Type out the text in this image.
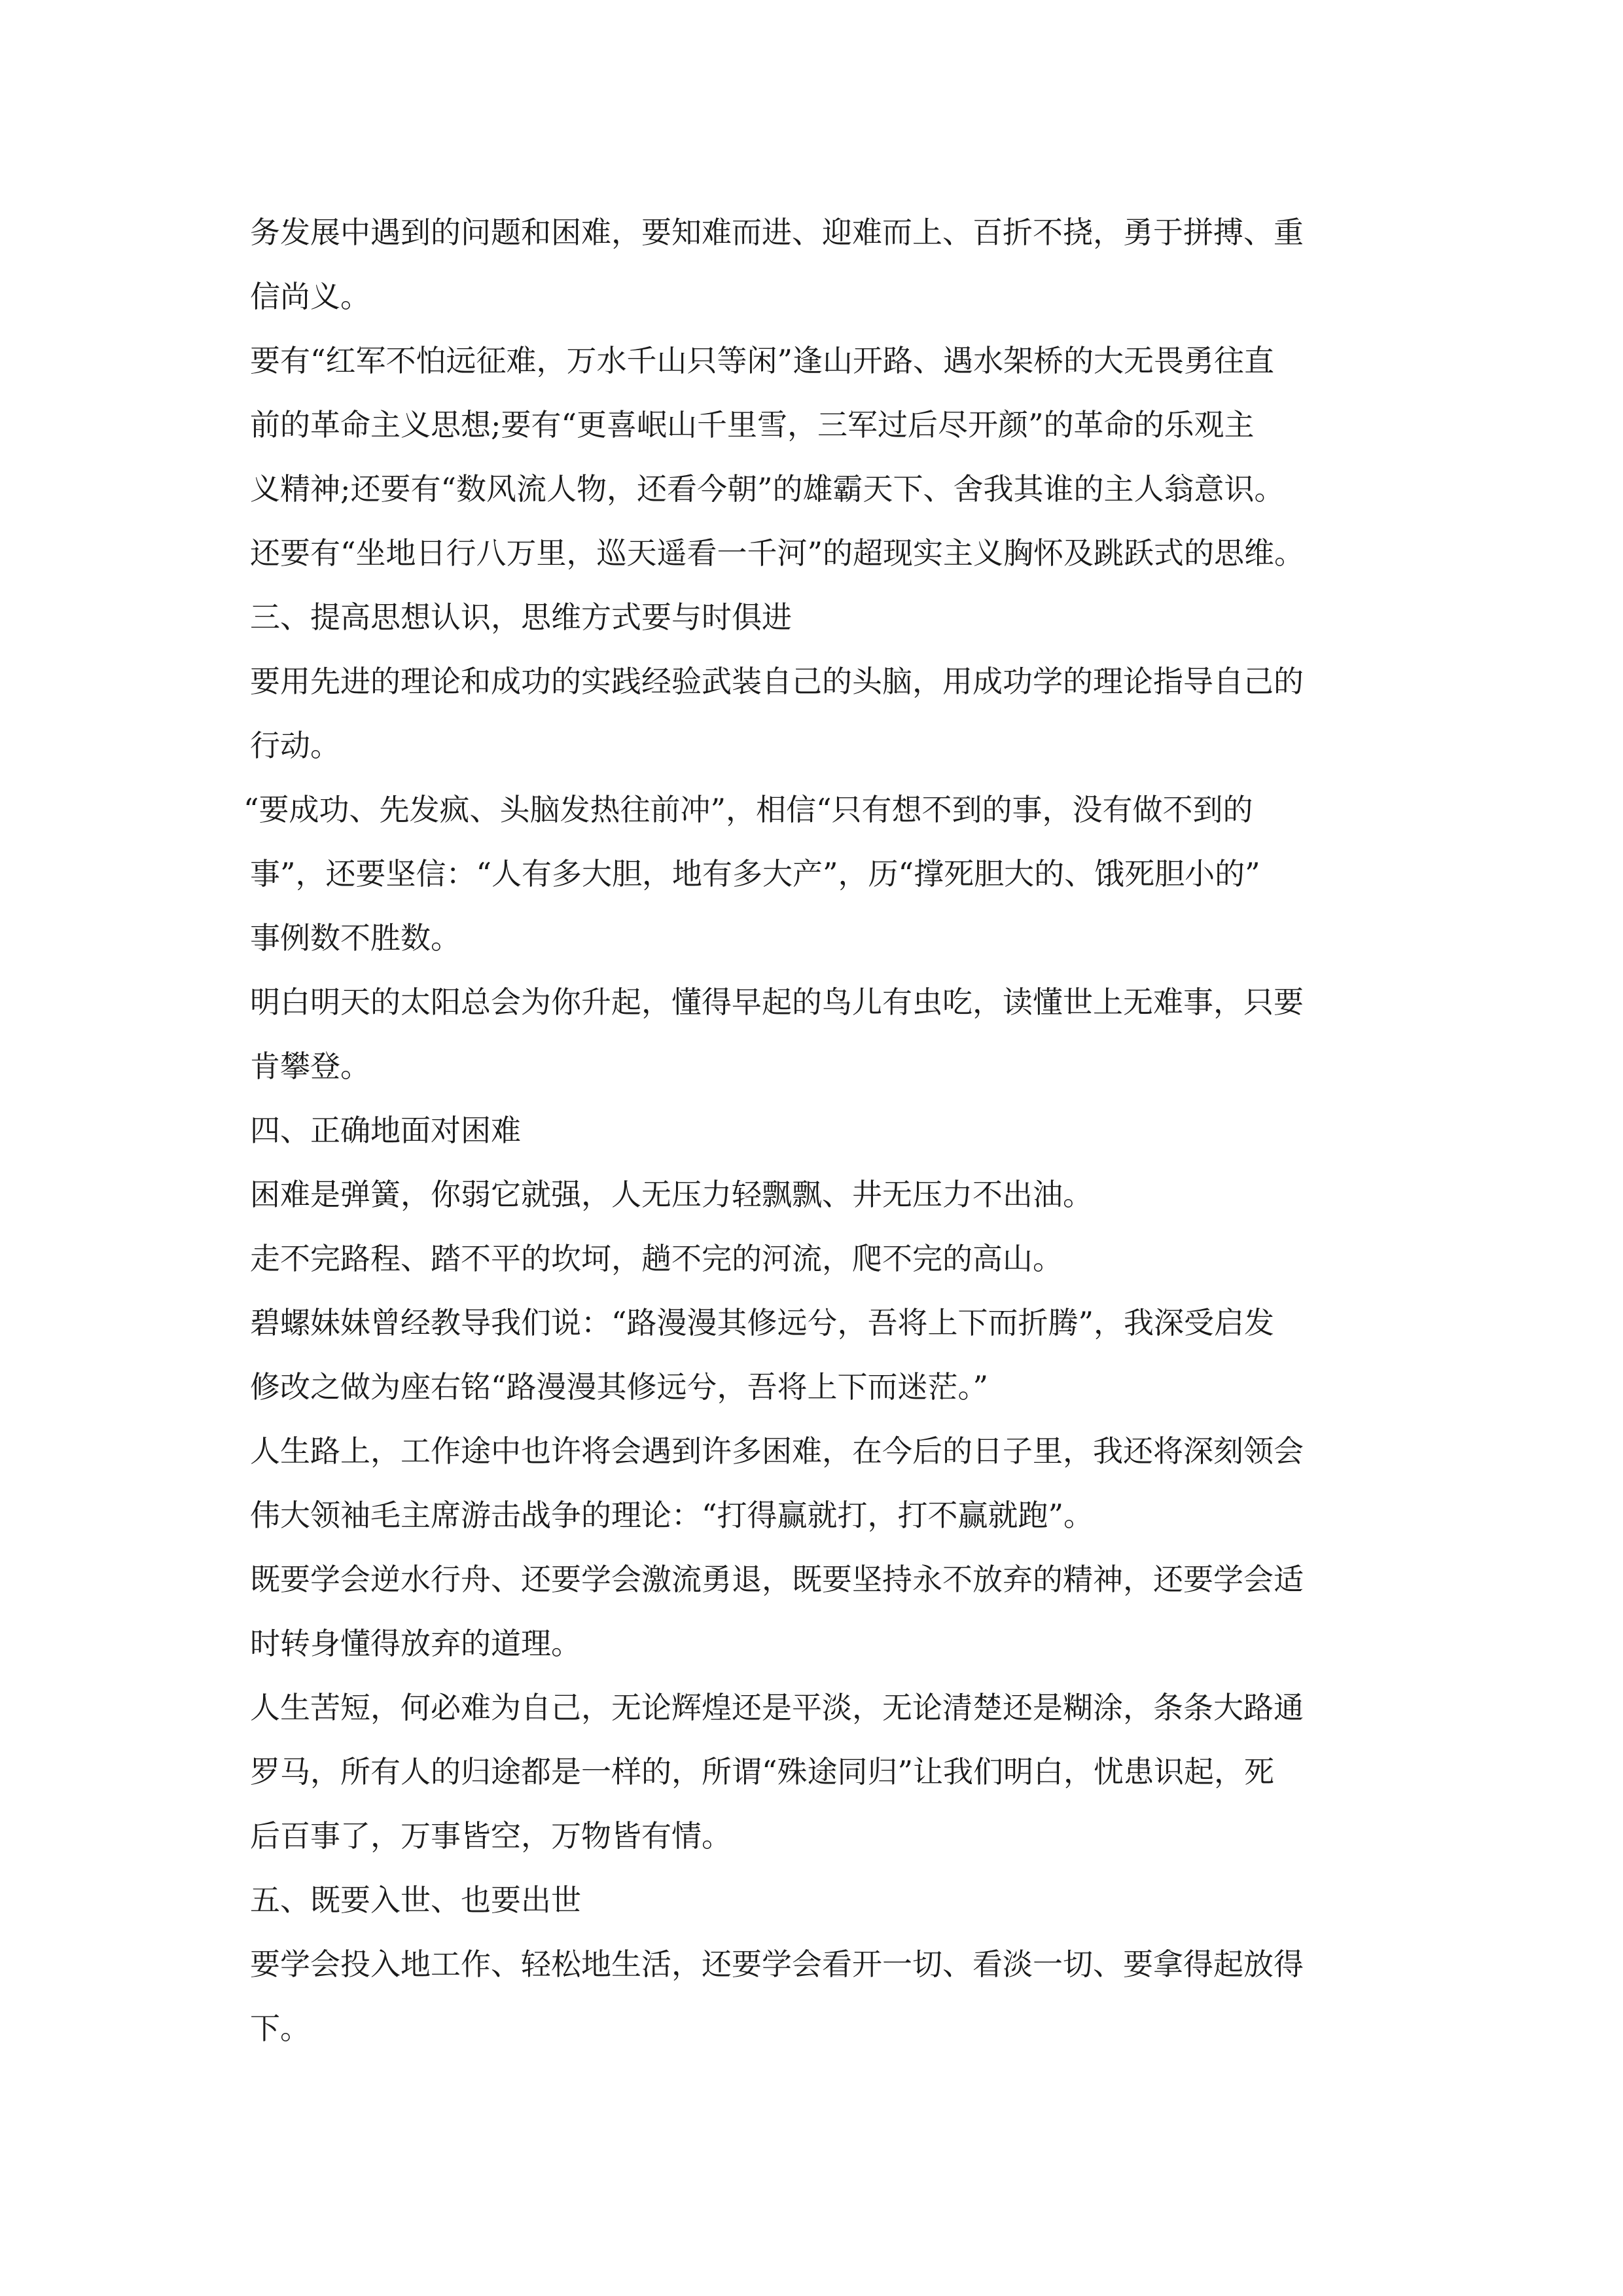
务发展中遇到的问题和困难，要知难而进、迎难而上、百折不挠，勇于拼搏、重
信尚义。
要有“红军不怕远征难，万水千山只等闲”逢山开路、遇水架桥的大无畏勇往直
前的革命主义思想;要有“更喜岷山千里雪，三军过后尽开颜”的革命的乐观主
义精神;还要有“数风流人物，还看今朝”的雄霸天下、舍我其谁的主人翁意识。
还要有“坐地日行八万里，巡天遥看一千河”的超现实主义胸怀及跳跃式的思维。
三、提高思想认识，思维方式要与时俱进
要用先进的理论和成功的实践经验武装自己的头脑，用成功学的理论指导自己的
行动。
“要成功、先发疯、头脑发热往前冲”，相信“只有想不到的事，没有做不到的
事”，还要坚信：“人有多大胆，地有多大产”，历“撑死胆大的、饿死胆小的”
事例数不胜数。
明白明天的太阳总会为你升起，懂得早起的鸟儿有虫吃，读懂世上无难事，只要
肯攀登。
四、正确地面对困难
困难是弹簧，你弱它就强，人无压力轻飘飘、井无压力不出油。
走不完路程、踏不平的坎坷，趟不完的河流，爬不完的高山。
碧螺妹妹曾经教导我们说：“路漫漫其修远兮，吾将上下而折腾”，我深受启发
修改之做为座右铭“路漫漫其修远兮，吾将上下而迷茫。”
人生路上，工作途中也许将会遇到许多困难，在今后的日子里，我还将深刻领会
伟大领袖毛主席游击战争的理论：“打得赢就打，打不赢就跑”。
既要学会逆水行舟、还要学会激流勇退，既要坚持永不放弃的精神，还要学会适
时转身懂得放弃的道理。
人生苦短，何必难为自己，无论辉煌还是平淡，无论清楚还是糊涂，条条大路通
罗马，所有人的归途都是一样的，所谓“殊途同归”让我们明白，忧患识起，死
后百事了，万事皆空，万物皆有情。
五、既要入世、也要出世
要学会投入地工作、轻松地生活，还要学会看开一切、看淡一切、要拿得起放得
下。
